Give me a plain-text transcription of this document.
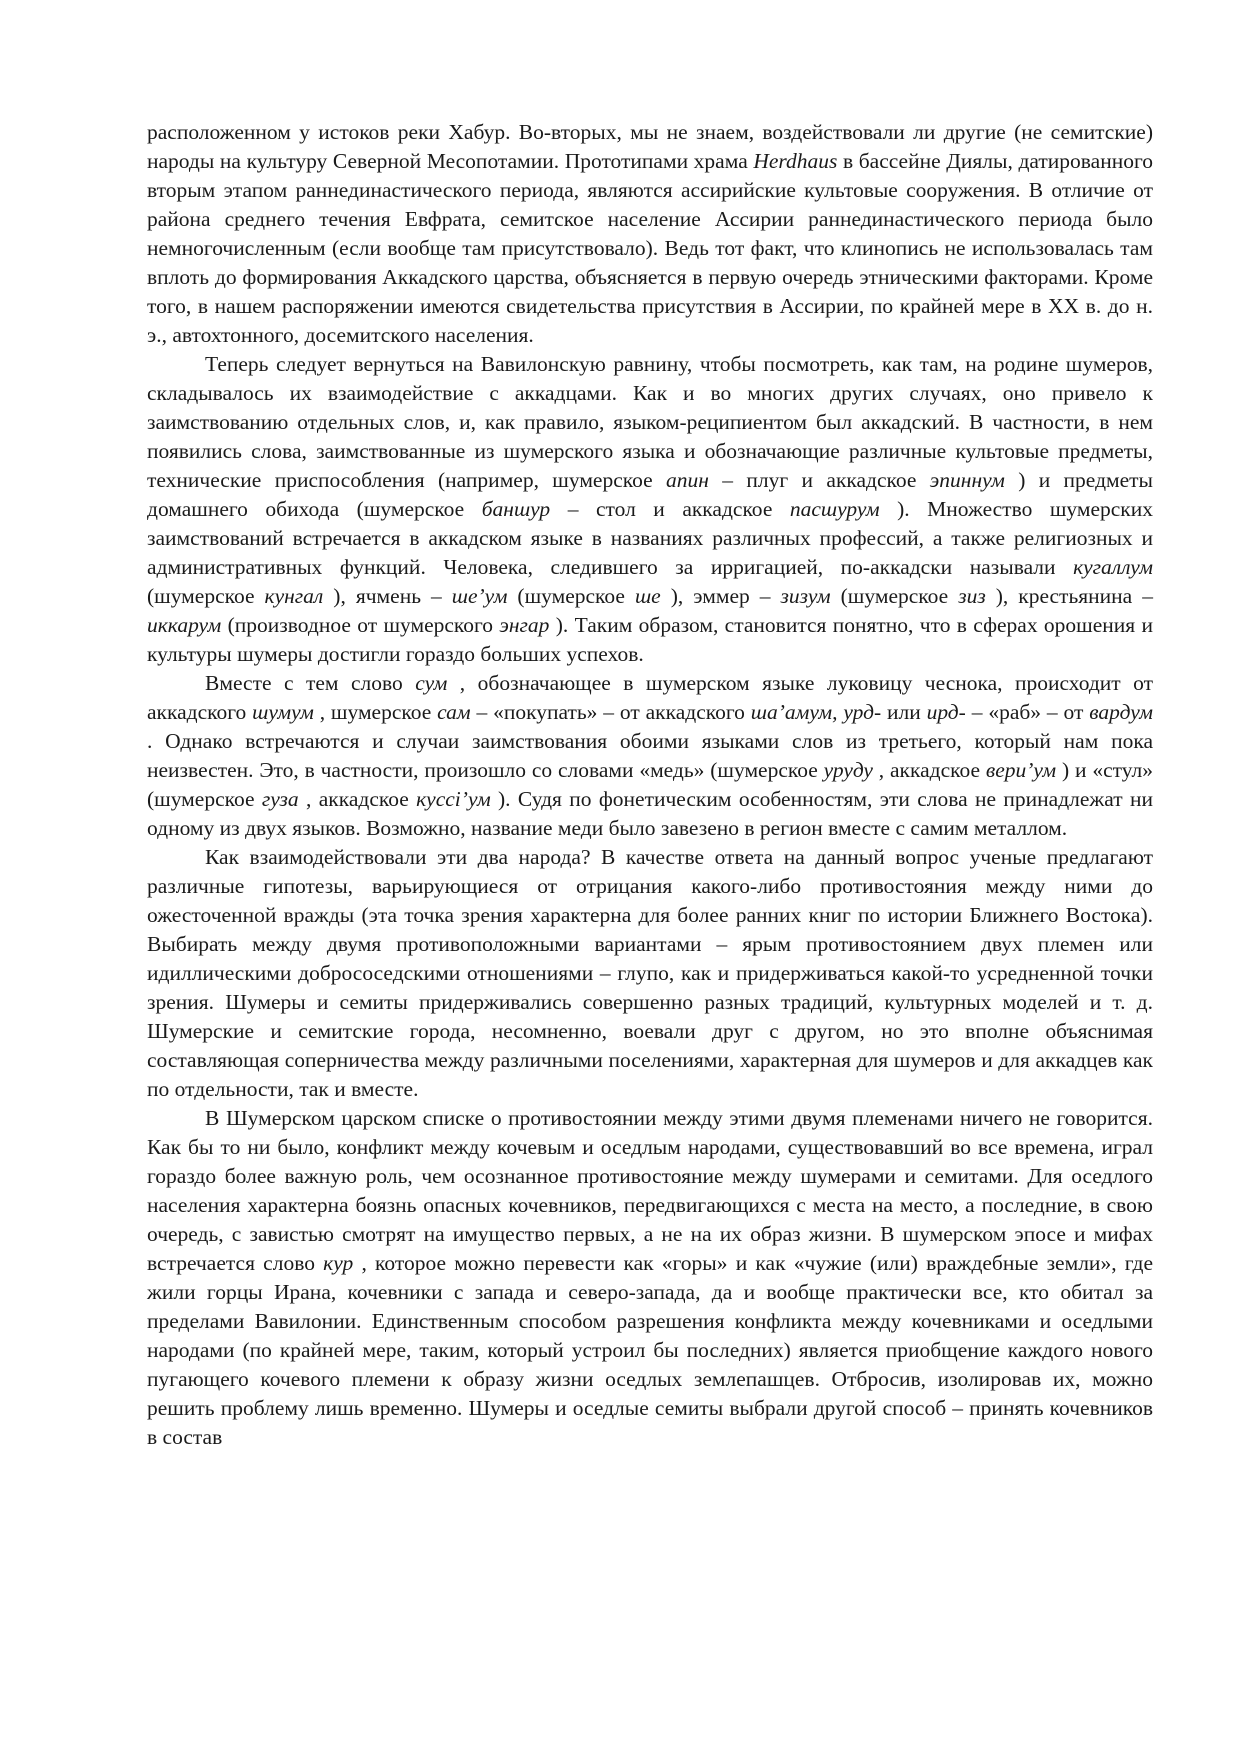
расположенном у истоков реки Хабур. Во-вторых, мы не знаем, воздействовали ли другие (не семитские) народы на культуру Северной Месопотамии. Прототипами храма Herdhaus в бассейне Диялы, датированного вторым этапом раннединастического периода, являются ассирийские культовые сооружения. В отличие от района среднего течения Евфрата, семитское население Ассирии раннединастического периода было немногочисленным (если вообще там присутствовало). Ведь тот факт, что клинопись не использовалась там вплоть до формирования Аккадского царства, объясняется в первую очередь этническими факторами. Кроме того, в нашем распоряжении имеются свидетельства присутствия в Ассирии, по крайней мере в XX в. до н. э., автохтонного, досемитского населения.

Теперь следует вернуться на Вавилонскую равнину, чтобы посмотреть, как там, на родине шумеров, складывалось их взаимодействие с аккадцами. Как и во многих других случаях, оно привело к заимствованию отдельных слов, и, как правило, языком-реципиентом был аккадский. В частности, в нем появились слова, заимствованные из шумерского языка и обозначающие различные культовые предметы, технические приспособления (например, шумерское апин – плуг и аккадское эпиннум ) и предметы домашнего обихода (шумерское баншур – стол и аккадское пасшурум ). Множество шумерских заимствований встречается в аккадском языке в названиях различных профессий, а также религиозных и административных функций. Человека, следившего за ирригацией, по-аккадски называли кугаллум (шумерское кунгал ), ячмень – ше’ум (шумерское ше ), эммер – зизум (шумерское зиз ), крестьянина – иккарум (производное от шумерского энгар ). Таким образом, становится понятно, что в сферах орошения и культуры шумеры достигли гораздо больших успехов.

Вместе с тем слово сум , обозначающее в шумерском языке луковицу чеснока, происходит от аккадского шумум , шумерское сам – «покупать» – от аккадского ша’амум, урд- или ирд- – «раб» – от вардум . Однако встречаются и случаи заимствования обоими языками слов из третьего, который нам пока неизвестен. Это, в частности, произошло со словами «медь» (шумерское уруду , аккадское вери’ум ) и «стул» (шумерское гуза , аккадское куссі’ум ). Судя по фонетическим особенностям, эти слова не принадлежат ни одному из двух языков. Возможно, название меди было завезено в регион вместе с самим металлом.

Как взаимодействовали эти два народа? В качестве ответа на данный вопрос ученые предлагают различные гипотезы, варьирующиеся от отрицания какого-либо противостояния между ними до ожесточенной вражды (эта точка зрения характерна для более ранних книг по истории Ближнего Востока). Выбирать между двумя противоположными вариантами – ярым противостоянием двух племен или идиллическими добрососедскими отношениями – глупо, как и придерживаться какой-то усредненной точки зрения. Шумеры и семиты придерживались совершенно разных традиций, культурных моделей и т. д. Шумерские и семитские города, несомненно, воевали друг с другом, но это вполне объяснимая составляющая соперничества между различными поселениями, характерная для шумеров и для аккадцев как по отдельности, так и вместе.

В Шумерском царском списке о противостоянии между этими двумя племенами ничего не говорится. Как бы то ни было, конфликт между кочевым и оседлым народами, существовавший во все времена, играл гораздо более важную роль, чем осознанное противостояние между шумерами и семитами. Для оседлого населения характерна боязнь опасных кочевников, передвигающихся с места на место, а последние, в свою очередь, с завистью смотрят на имущество первых, а не на их образ жизни. В шумерском эпосе и мифах встречается слово кур , которое можно перевести как «горы» и как «чужие (или) враждебные земли», где жили горцы Ирана, кочевники с запада и северо-запада, да и вообще практически все, кто обитал за пределами Вавилонии. Единственным способом разрешения конфликта между кочевниками и оседлыми народами (по крайней мере, таким, который устроил бы последних) является приобщение каждого нового пугающего кочевого племени к образу жизни оседлых землепашцев. Отбросив, изолировав их, можно решить проблему лишь временно. Шумеры и оседлые семиты выбрали другой способ – принять кочевников в состав
